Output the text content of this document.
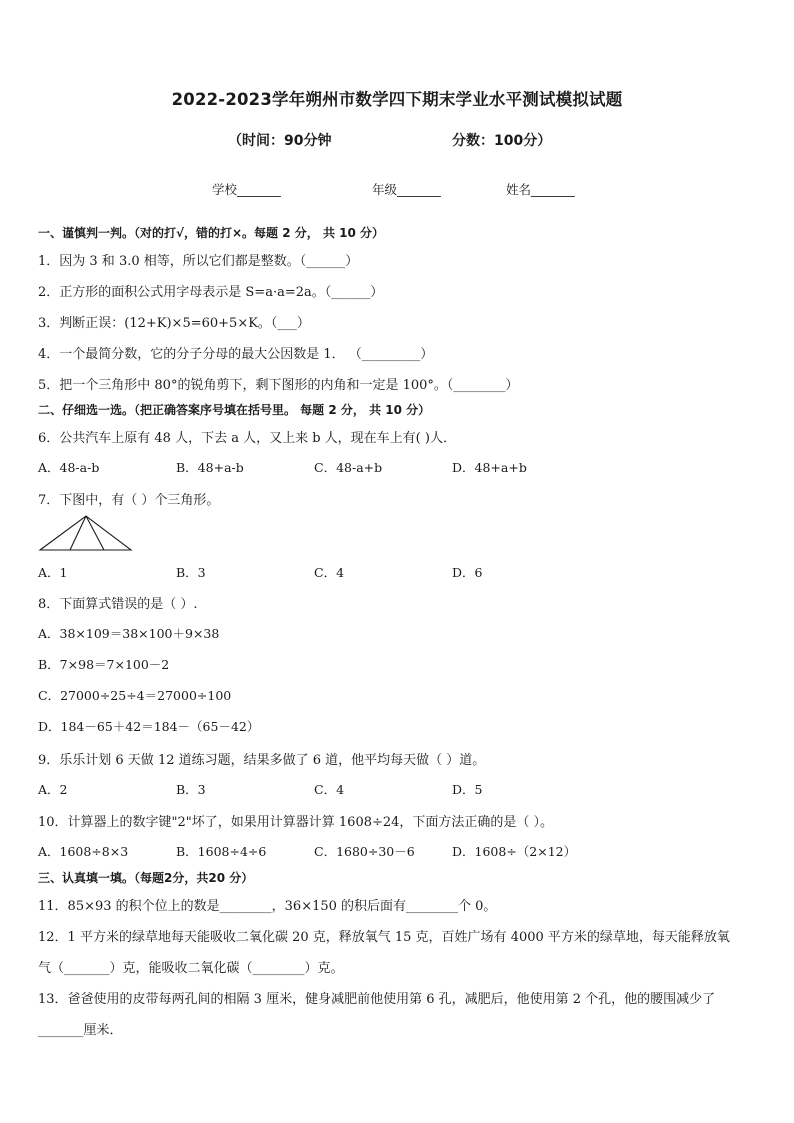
2022-2023学年朔州市数学四下期末学业水平测试模拟试题
（时间：90分钟	分数：100分）
学校_______	年级_______	姓名_______
一、谨慎判一判。（对的打√，错的打×。每题 2 分， 共 10 分）
1．因为 3 和 3.0 相等，所以它们都是整数。（______）
2．正方形的面积公式用字母表示是 S=a·a=2a。（______）
3．判断正误：(12+K)×5=60+5×K。（___）
4．一个最简分数，它的分子分母的最大公因数是 1． （_________）
5．把一个三角形中 80°的锐角剪下，剩下图形的内角和一定是 100°。（________）
二、仔细选一选。（把正确答案序号填在括号里。 每题 2 分， 共 10 分）
6．公共汽车上原有 48 人，下去 a 人，又上来 b 人，现在车上有( )人．
A．48-a-b	B．48+a-b	C．48-a+b	D．48+a+b
7．下图中，有（ ）个三角形。
A．1	B．3	C．4	D．6
8．下面算式错误的是（ ）.
A．38×109＝38×100＋9×38
B．7×98＝7×100－2
C．27000÷25÷4＝27000÷100
D．184－65＋42＝184－（65－42）
9．乐乐计划 6 天做 12 道练习题，结果多做了 6 道，他平均每天做（ ）道。
A．2	B．3	C．4	D．5
10．计算器上的数字键"2"坏了，如果用计算器计算 1608÷24，下面方法正确的是（ ）。
A．1608÷8×3	B．1608÷4÷6	C．1680÷30－6	D．1608÷（2×12）
三、认真填一填。（每题2分，共20 分）
11．85×93 的积个位上的数是________，36×150 的积后面有________个 0。
12．1 平方米的绿草地每天能吸收二氧化碳 20 克，释放氧气 15 克，百姓广场有 4000 平方米的绿草地，每天能释放氧
气（_______）克，能吸收二氧化碳（________）克。
13．爸爸使用的皮带每两孔间的相隔 3 厘米，健身减肥前他使用第 6 孔，减肥后，他使用第 2 个孔，他的腰围减少了
_______厘米．
